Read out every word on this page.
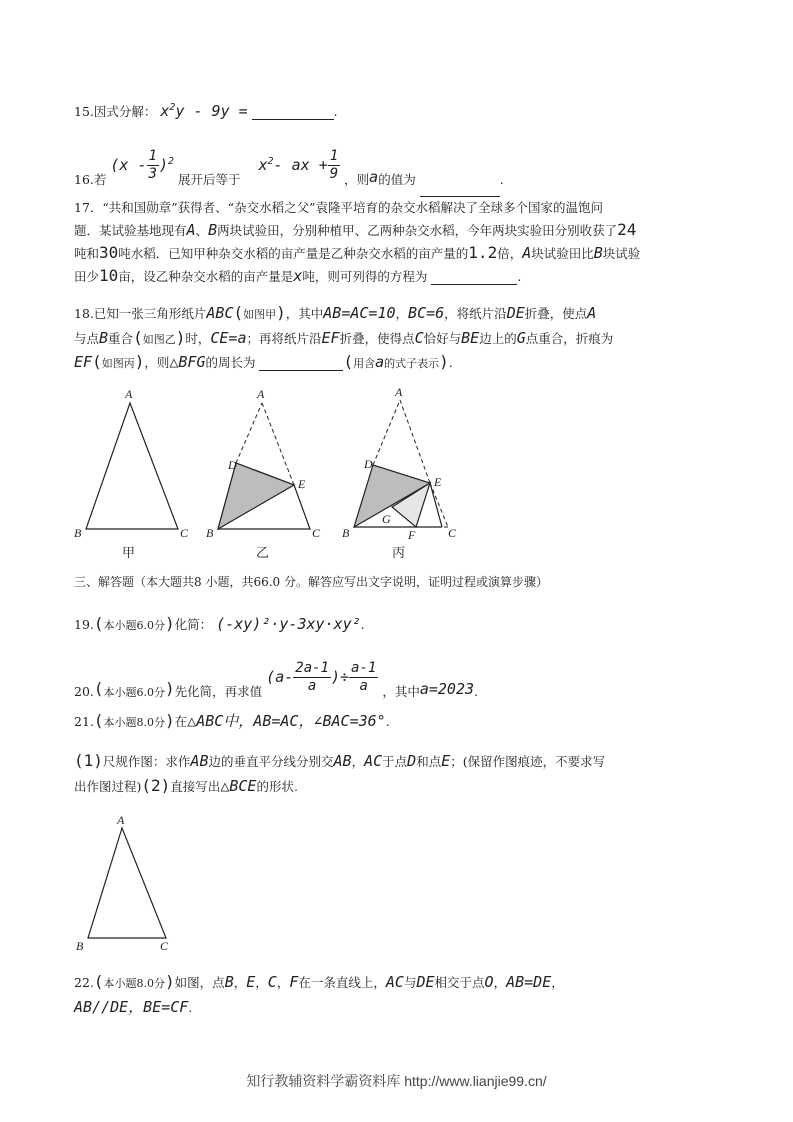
15.因式分解： $x^2y - 9y$ =	.
16.若 $(x - \frac{1}{3} )^2$ 展开后等于 $x^2-$ ax + $\frac{1}{9}$ ，则a的值为	.
17．“共和国勋章”获得者、“杂交水稻之父”袁隆平培育的杂交水稻解决了全球多个国家的温饱问
题．某试验基地现有A、B两块试验田，分别种植甲、乙两种杂交水稻，今年两块实验田分别收获了24
吨和30吨水稻．已知甲种杂交水稻的亩产量是乙种杂交水稻的亩产量的1.2倍，A块试验田比B块试验
田少10亩，设乙种杂交水稻的亩产量是x吨，则可列得的方程为	.
18.已知一张三角形纸片ABC(如图甲)，其中AB=AC=10，BC=6，将纸片沿DE折叠，使点A
与点B重合(如图乙)时，CE=a；再将纸片沿EF折叠，使得点C恰好与BE边上的G点重合，折痕为
EF(如图丙)，则△BFG的周长为	(用含a的式子表示).
A
B	C
A
D
E
B	C
A
D
E
G
B	F	C
甲	乙	丙
三、解答题（本大题共8 小题，共66.0 分。解答应写出文字说明，证明过程或演算步骤）
19.(本小题6.0分)化简： (-xy)²·y-3xy·xy².
20.(本小题6.0分)先化简，再求值 ($a- \frac{2a-1}{a}$ )÷ $\frac{a-1}{a}$ ，其中a=2023.
21.(本小题8.0分)在△ABC中，AB=AC，∠BAC=36°.
(1)尺规作图：求作AB边的垂直平分线分别交AB，AC于点D和点E；(保留作图痕迹，不要求写
出作图过程)(2)直接写出△BCE的形状.
A
B	C
22.(本小题8.0分)如图，点B，E，C，F在一条直线上，AC与DE相交于点O，AB=DE，
AB//DE，BE=CF.
知行教辅资料学霸资料库 http://www.lianjie99.cn/
